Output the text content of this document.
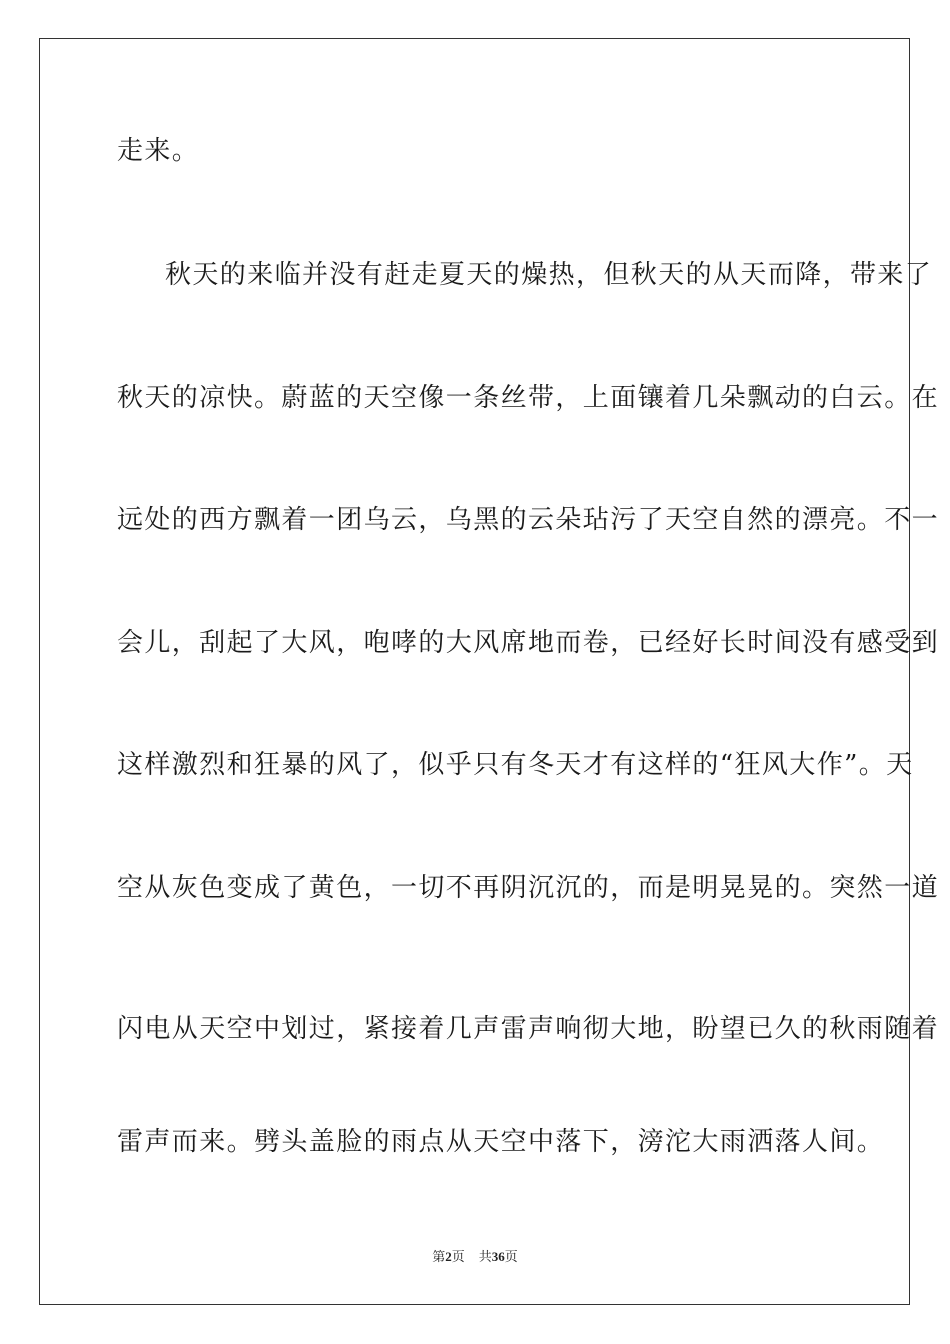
走来。
秋天的来临并没有赶走夏天的燥热，但秋天的从天而降，带来了
秋天的凉快。蔚蓝的天空像一条丝带，上面镶着几朵飘动的白云。在
远处的西方飘着一团乌云，乌黑的云朵玷污了天空自然的漂亮。不一
会儿，刮起了大风，咆哮的大风席地而卷，已经好长时间没有感受到
这样激烈和狂暴的风了，似乎只有冬天才有这样的“狂风大作”。天
空从灰色变成了黄色，一切不再阴沉沉的，而是明晃晃的。突然一道
闪电从天空中划过，紧接着几声雷声响彻大地，盼望已久的秋雨随着
雷声而来。劈头盖脸的雨点从天空中落下，滂沱大雨洒落人间。
第2页 共36页
